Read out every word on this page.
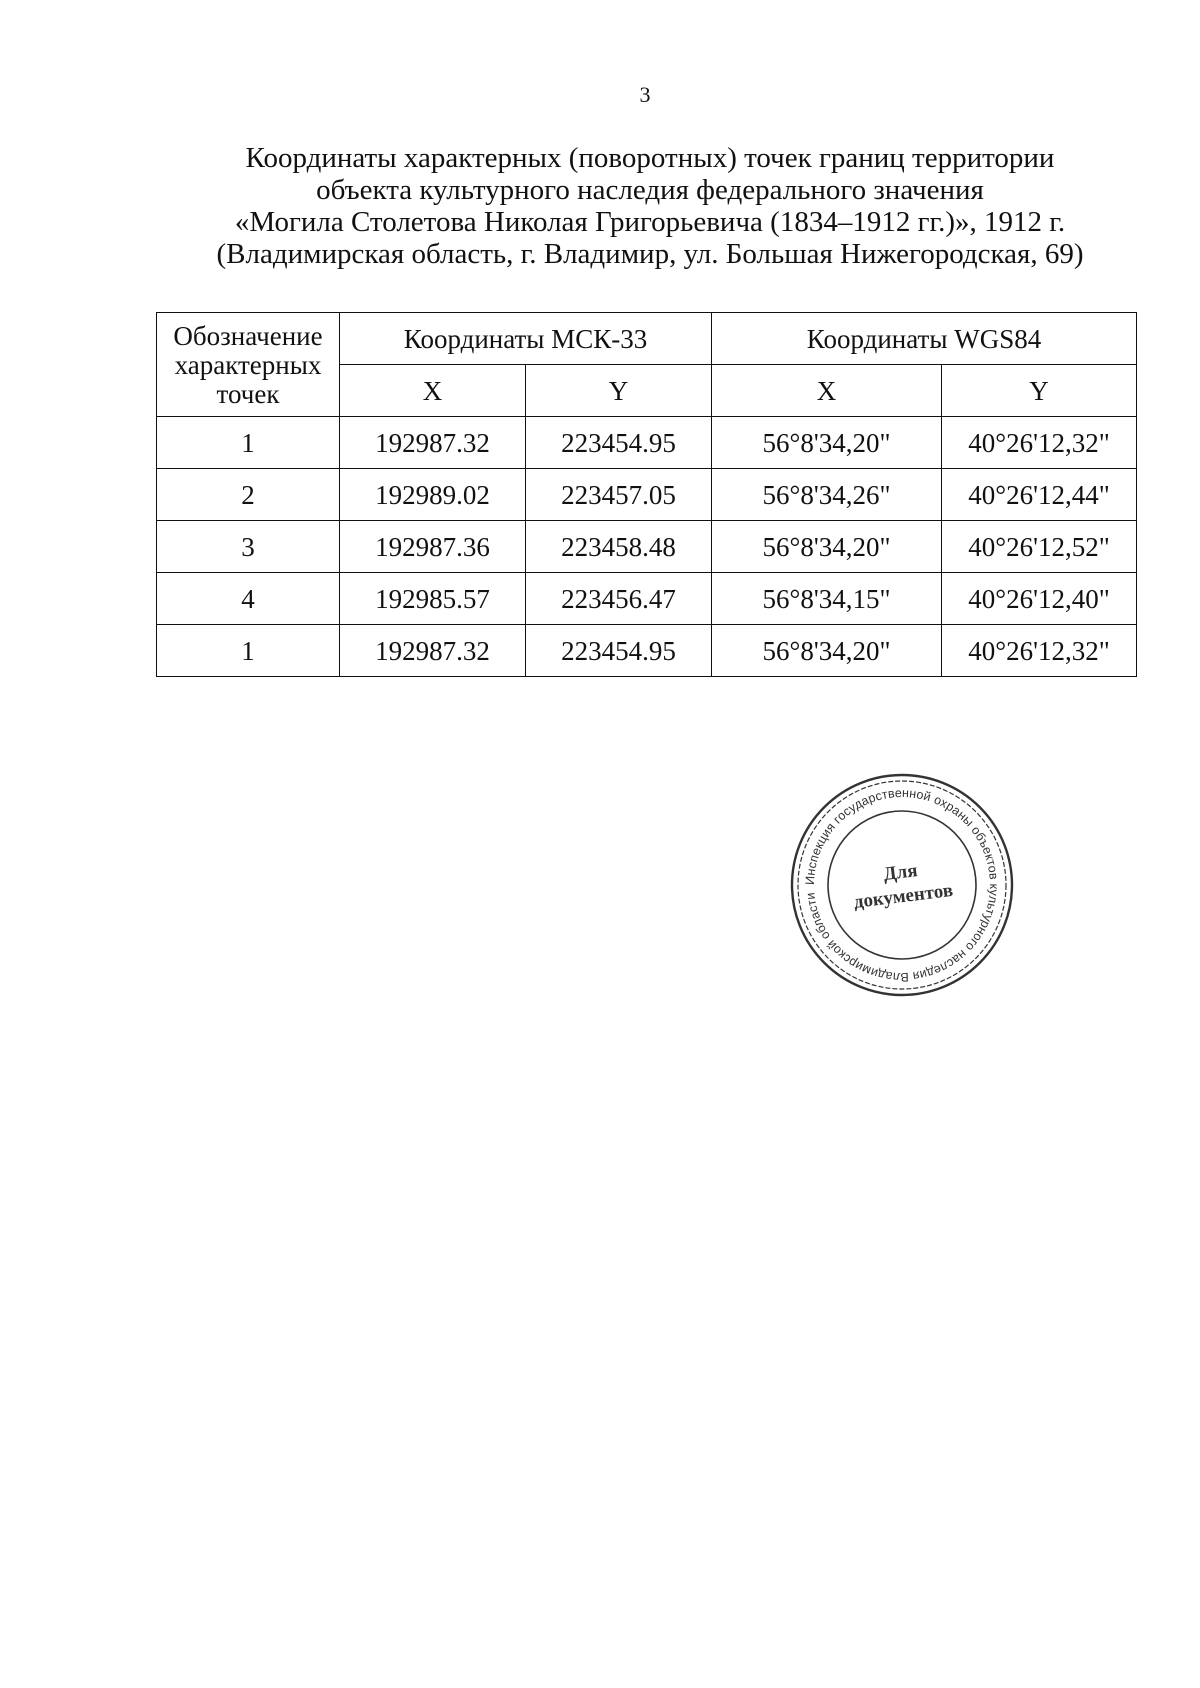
3
Координаты характерных (поворотных) точек границ территории
объекта культурного наследия федерального значения
«Могила Столетова Николая Григорьевича (1834–1912 гг.)», 1912 г.
(Владимирская область, г. Владимир, ул. Большая Нижегородская, 69)
Обозначение
характерных
точек	Координаты МСК-33		Координаты WGS84	
	X	Y	X	Y
1	192987.32	223454.95	56°8'34,20"	40°26'12,32"
2	192989.02	223457.05	56°8'34,26"	40°26'12,44"
3	192987.36	223458.48	56°8'34,20"	40°26'12,52"
4	192985.57	223456.47	56°8'34,15"	40°26'12,40"
1	192987.32	223454.95	56°8'34,20"	40°26'12,32"
Инспекция государственной охраны объектов культурного наследия Владимирской области
Для
документов
